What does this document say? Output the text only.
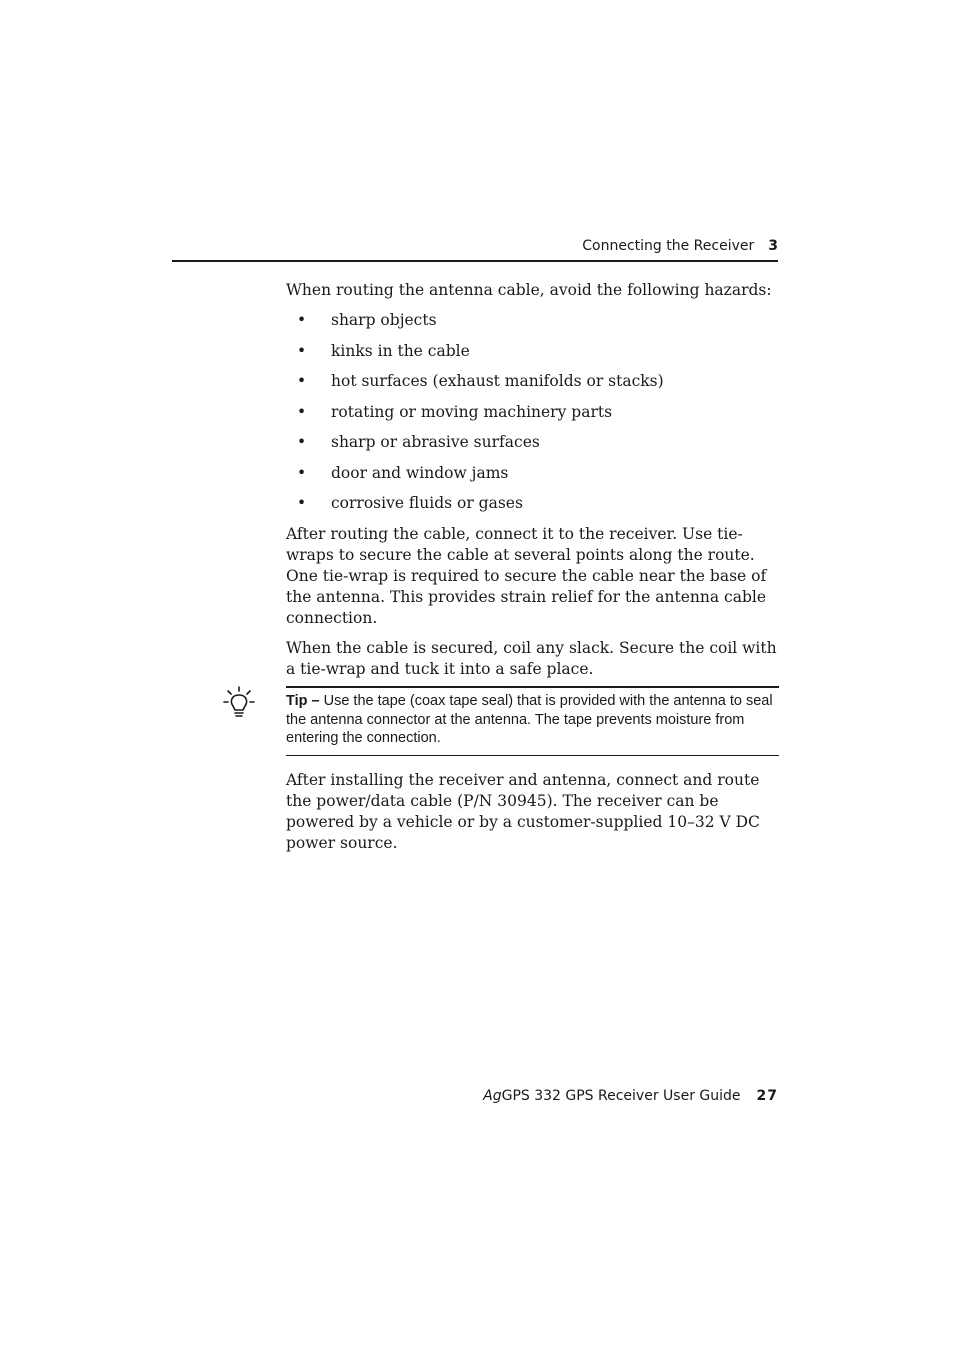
Connecting the Receiver 3

When routing the antenna cable, avoid the following hazards:

• sharp objects
• kinks in the cable
• hot surfaces (exhaust manifolds or stacks)
• rotating or moving machinery parts
• sharp or abrasive surfaces
• door and window jams
• corrosive fluids or gases

After routing the cable, connect it to the receiver. Use tie-wraps to secure the cable at several points along the route. One tie-wrap is required to secure the cable near the base of the antenna. This provides strain relief for the antenna cable connection.

When the cable is secured, coil any slack. Secure the coil with a tie-wrap and tuck it into a safe place.

Tip – Use the tape (coax tape seal) that is provided with the antenna to seal the antenna connector at the antenna. The tape prevents moisture from entering the connection.

After installing the receiver and antenna, connect and route the power/data cable (P/N 30945). The receiver can be powered by a vehicle or by a customer-supplied 10–32 V DC power source.

AgGPS 332 GPS Receiver User Guide 27
